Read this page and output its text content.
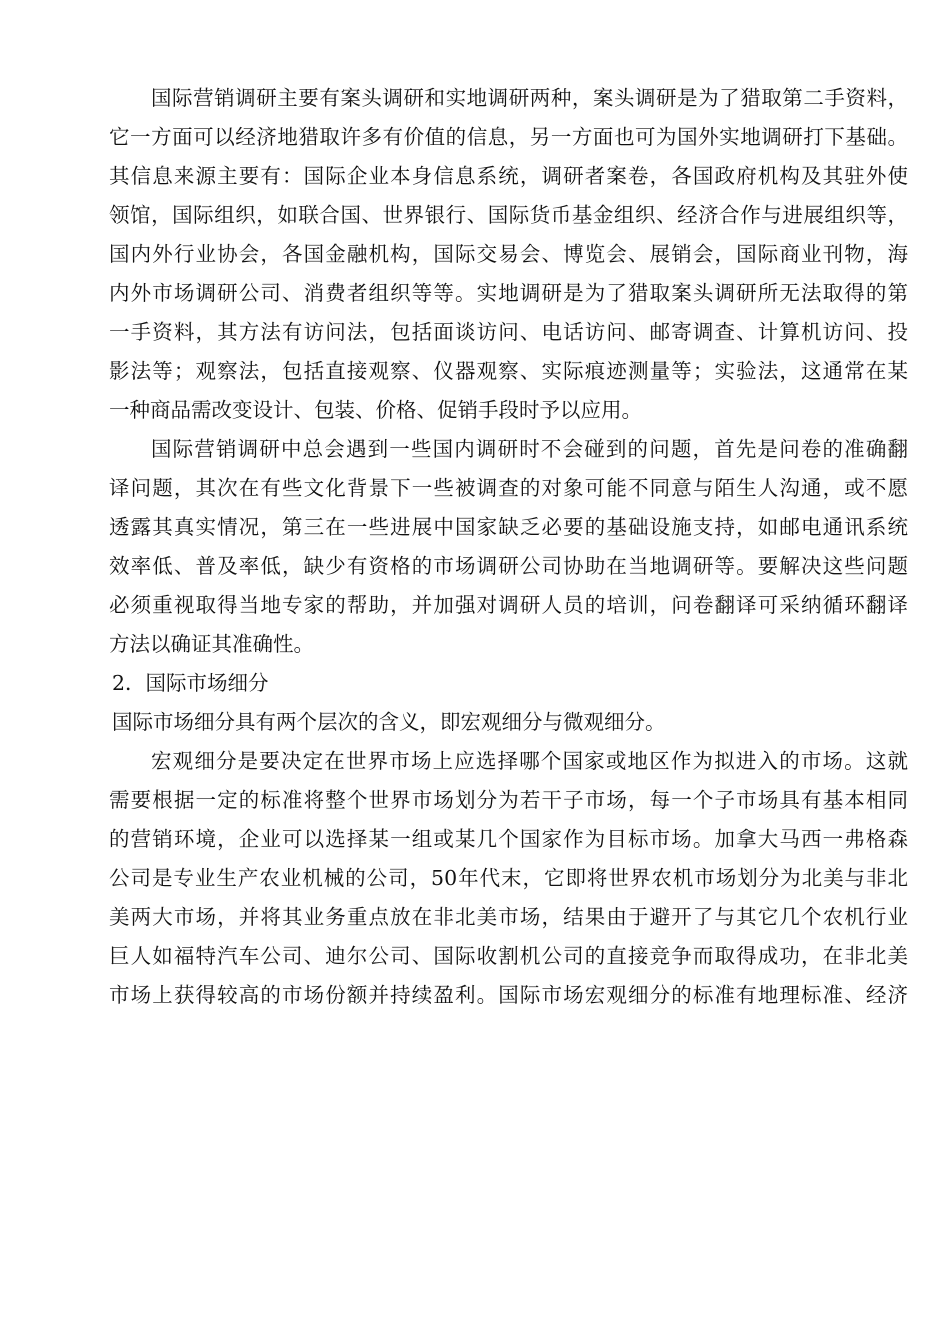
国际营销调研主要有案头调研和实地调研两种，案头调研是为了猎取第二手资料，
它一方面可以经济地猎取许多有价值的信息，另一方面也可为国外实地调研打下基础。
其信息来源主要有：国际企业本身信息系统，调研者案卷，各国政府机构及其驻外使
领馆，国际组织，如联合国、世界银行、国际货币基金组织、经济合作与进展组织等，
国内外行业协会，各国金融机构，国际交易会、博览会、展销会，国际商业刊物，海
内外市场调研公司、消费者组织等等。实地调研是为了猎取案头调研所无法取得的第
一手资料，其方法有访问法，包括面谈访问、电话访问、邮寄调查、计算机访问、投
影法等；观察法，包括直接观察、仪器观察、实际痕迹测量等；实验法，这通常在某
一种商品需改变设计、包装、价格、促销手段时予以应用。
国际营销调研中总会遇到一些国内调研时不会碰到的问题，首先是问卷的准确翻
译问题，其次在有些文化背景下一些被调查的对象可能不同意与陌生人沟通，或不愿
透露其真实情况，第三在一些进展中国家缺乏必要的基础设施支持，如邮电通讯系统
效率低、普及率低，缺少有资格的市场调研公司协助在当地调研等。要解决这些问题
必须重视取得当地专家的帮助，并加强对调研人员的培训，问卷翻译可采纳循环翻译
方法以确证其准确性。

2．国际市场细分

国际市场细分具有两个层次的含义，即宏观细分与微观细分。

宏观细分是要决定在世界市场上应选择哪个国家或地区作为拟进入的市场。这就
需要根据一定的标准将整个世界市场划分为若干子市场，每一个子市场具有基本相同
的营销环境，企业可以选择某一组或某几个国家作为目标市场。加拿大马西一弗格森
公司是专业生产农业机械的公司，50年代末，它即将世界农机市场划分为北美与非北
美两大市场，并将其业务重点放在非北美市场，结果由于避开了与其它几个农机行业
巨人如福特汽车公司、迪尔公司、国际收割机公司的直接竞争而取得成功，在非北美
市场上获得较高的市场份额并持续盈利。国际市场宏观细分的标准有地理标准、经济
